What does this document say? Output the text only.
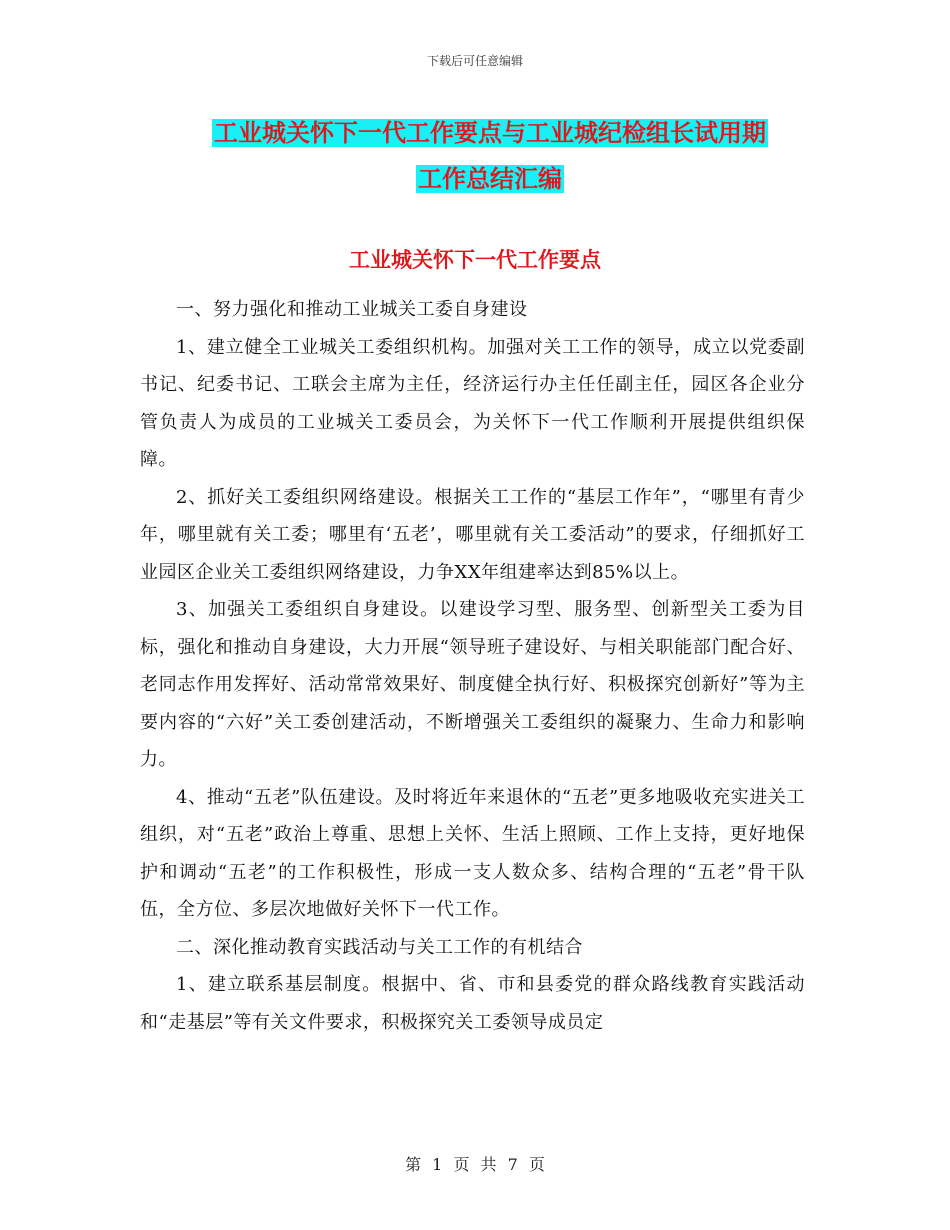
下载后可任意编辑
工业城关怀下一代工作要点与工业城纪检组长试用期
工作总结汇编
工业城关怀下一代工作要点

一、努力强化和推动工业城关工委自身建设

1、建立健全工业城关工委组织机构。加强对关工工作的领导，成立以党委副书记、纪委书记、工联会主席为主任，经济运行办主任任副主任，园区各企业分管负责人为成员的工业城关工委员会，为关怀下一代工作顺利开展提供组织保障。

2、抓好关工委组织网络建设。根据关工工作的“基层工作年”，“哪里有青少年，哪里就有关工委；哪里有‘五老’，哪里就有关工委活动”的要求，仔细抓好工业园区企业关工委组织网络建设，力争XX年组建率达到85%以上。

3、加强关工委组织自身建设。以建设学习型、服务型、创新型关工委为目标，强化和推动自身建设，大力开展“领导班子建设好、与相关职能部门配合好、老同志作用发挥好、活动常常效果好、制度健全执行好、积极探究创新好”等为主要内容的“六好”关工委创建活动，不断增强关工委组织的凝聚力、生命力和影响力。

4、推动“五老”队伍建设。及时将近年来退休的“五老”更多地吸收充实进关工组织，对“五老”政治上尊重、思想上关怀、生活上照顾、工作上支持，更好地保护和调动“五老”的工作积极性，形成一支人数众多、结构合理的“五老”骨干队伍，全方位、多层次地做好关怀下一代工作。

二、深化推动教育实践活动与关工工作的有机结合

1、建立联系基层制度。根据中、省、市和县委党的群众路线教育实践活动和“走基层”等有关文件要求，积极探究关工委领导成员定

第 1 页 共 7 页
